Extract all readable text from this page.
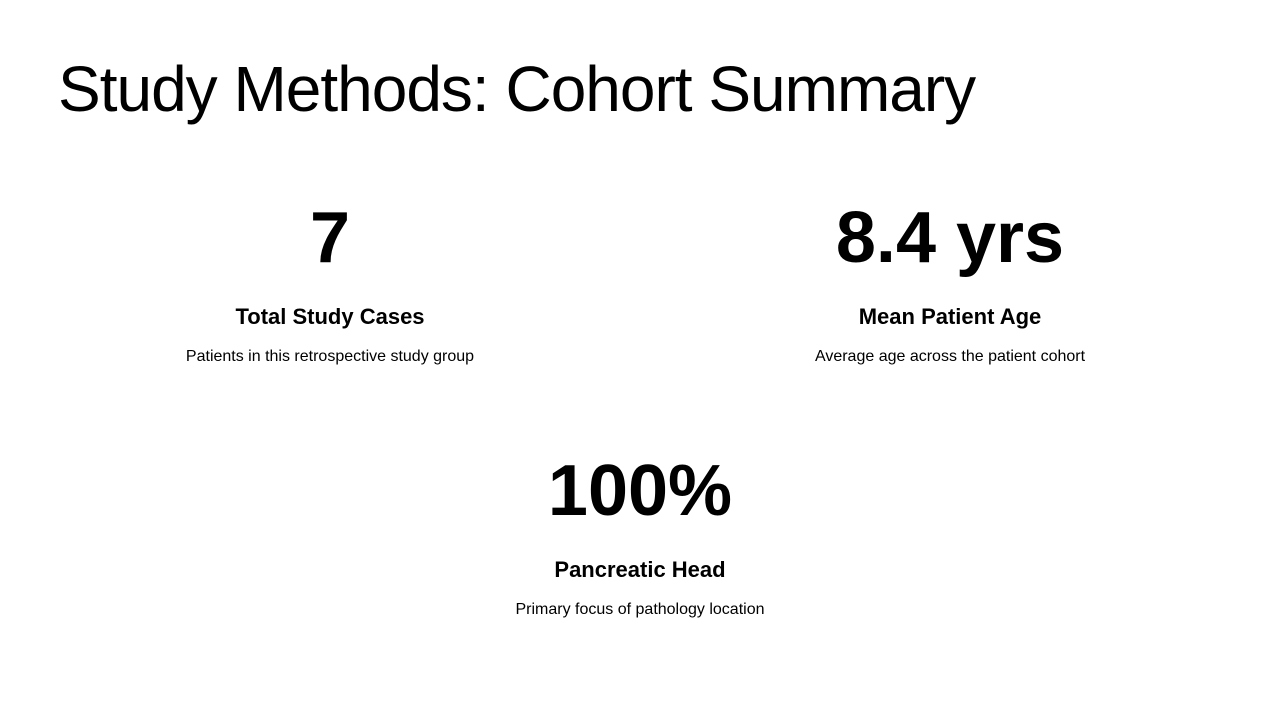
Study Methods: Cohort Summary
7
Total Study Cases
Patients in this retrospective study group
8.4 yrs
Mean Patient Age
Average age across the patient cohort
100%
Pancreatic Head
Primary focus of pathology location
